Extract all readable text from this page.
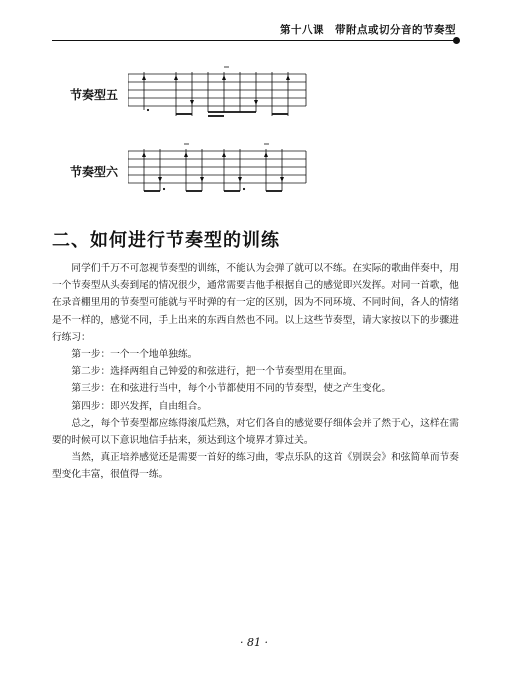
第十八课　带附点或切分音的节奏型
节奏型五
节奏型六
二、如何进行节奏型的训练

同学们千万不可忽视节奏型的训练，不能认为会弹了就可以不练。在实际的歌曲伴奏中，用一个节奏型从头奏到尾的情况很少，通常需要吉他手根据自己的感觉即兴发挥。对同一首歌，他在录音棚里用的节奏型可能就与平时弹的有一定的区别，因为不同环境、不同时间，各人的情绪是不一样的，感觉不同，手上出来的东西自然也不同。以上这些节奏型，请大家按以下的步骤进行练习：

第一步：一个一个地单独练。

第二步：选择两组自己钟爱的和弦进行，把一个节奏型用在里面。

第三步：在和弦进行当中，每个小节都使用不同的节奏型，使之产生变化。

第四步：即兴发挥，自由组合。

总之，每个节奏型都应练得滚瓜烂熟，对它们各自的感觉要仔细体会并了然于心，这样在需要的时候可以下意识地信手拈来，须达到这个境界才算过关。

当然，真正培养感觉还是需要一首好的练习曲，零点乐队的这首《别误会》和弦简单而节奏型变化丰富，很值得一练。

· 81 ·
